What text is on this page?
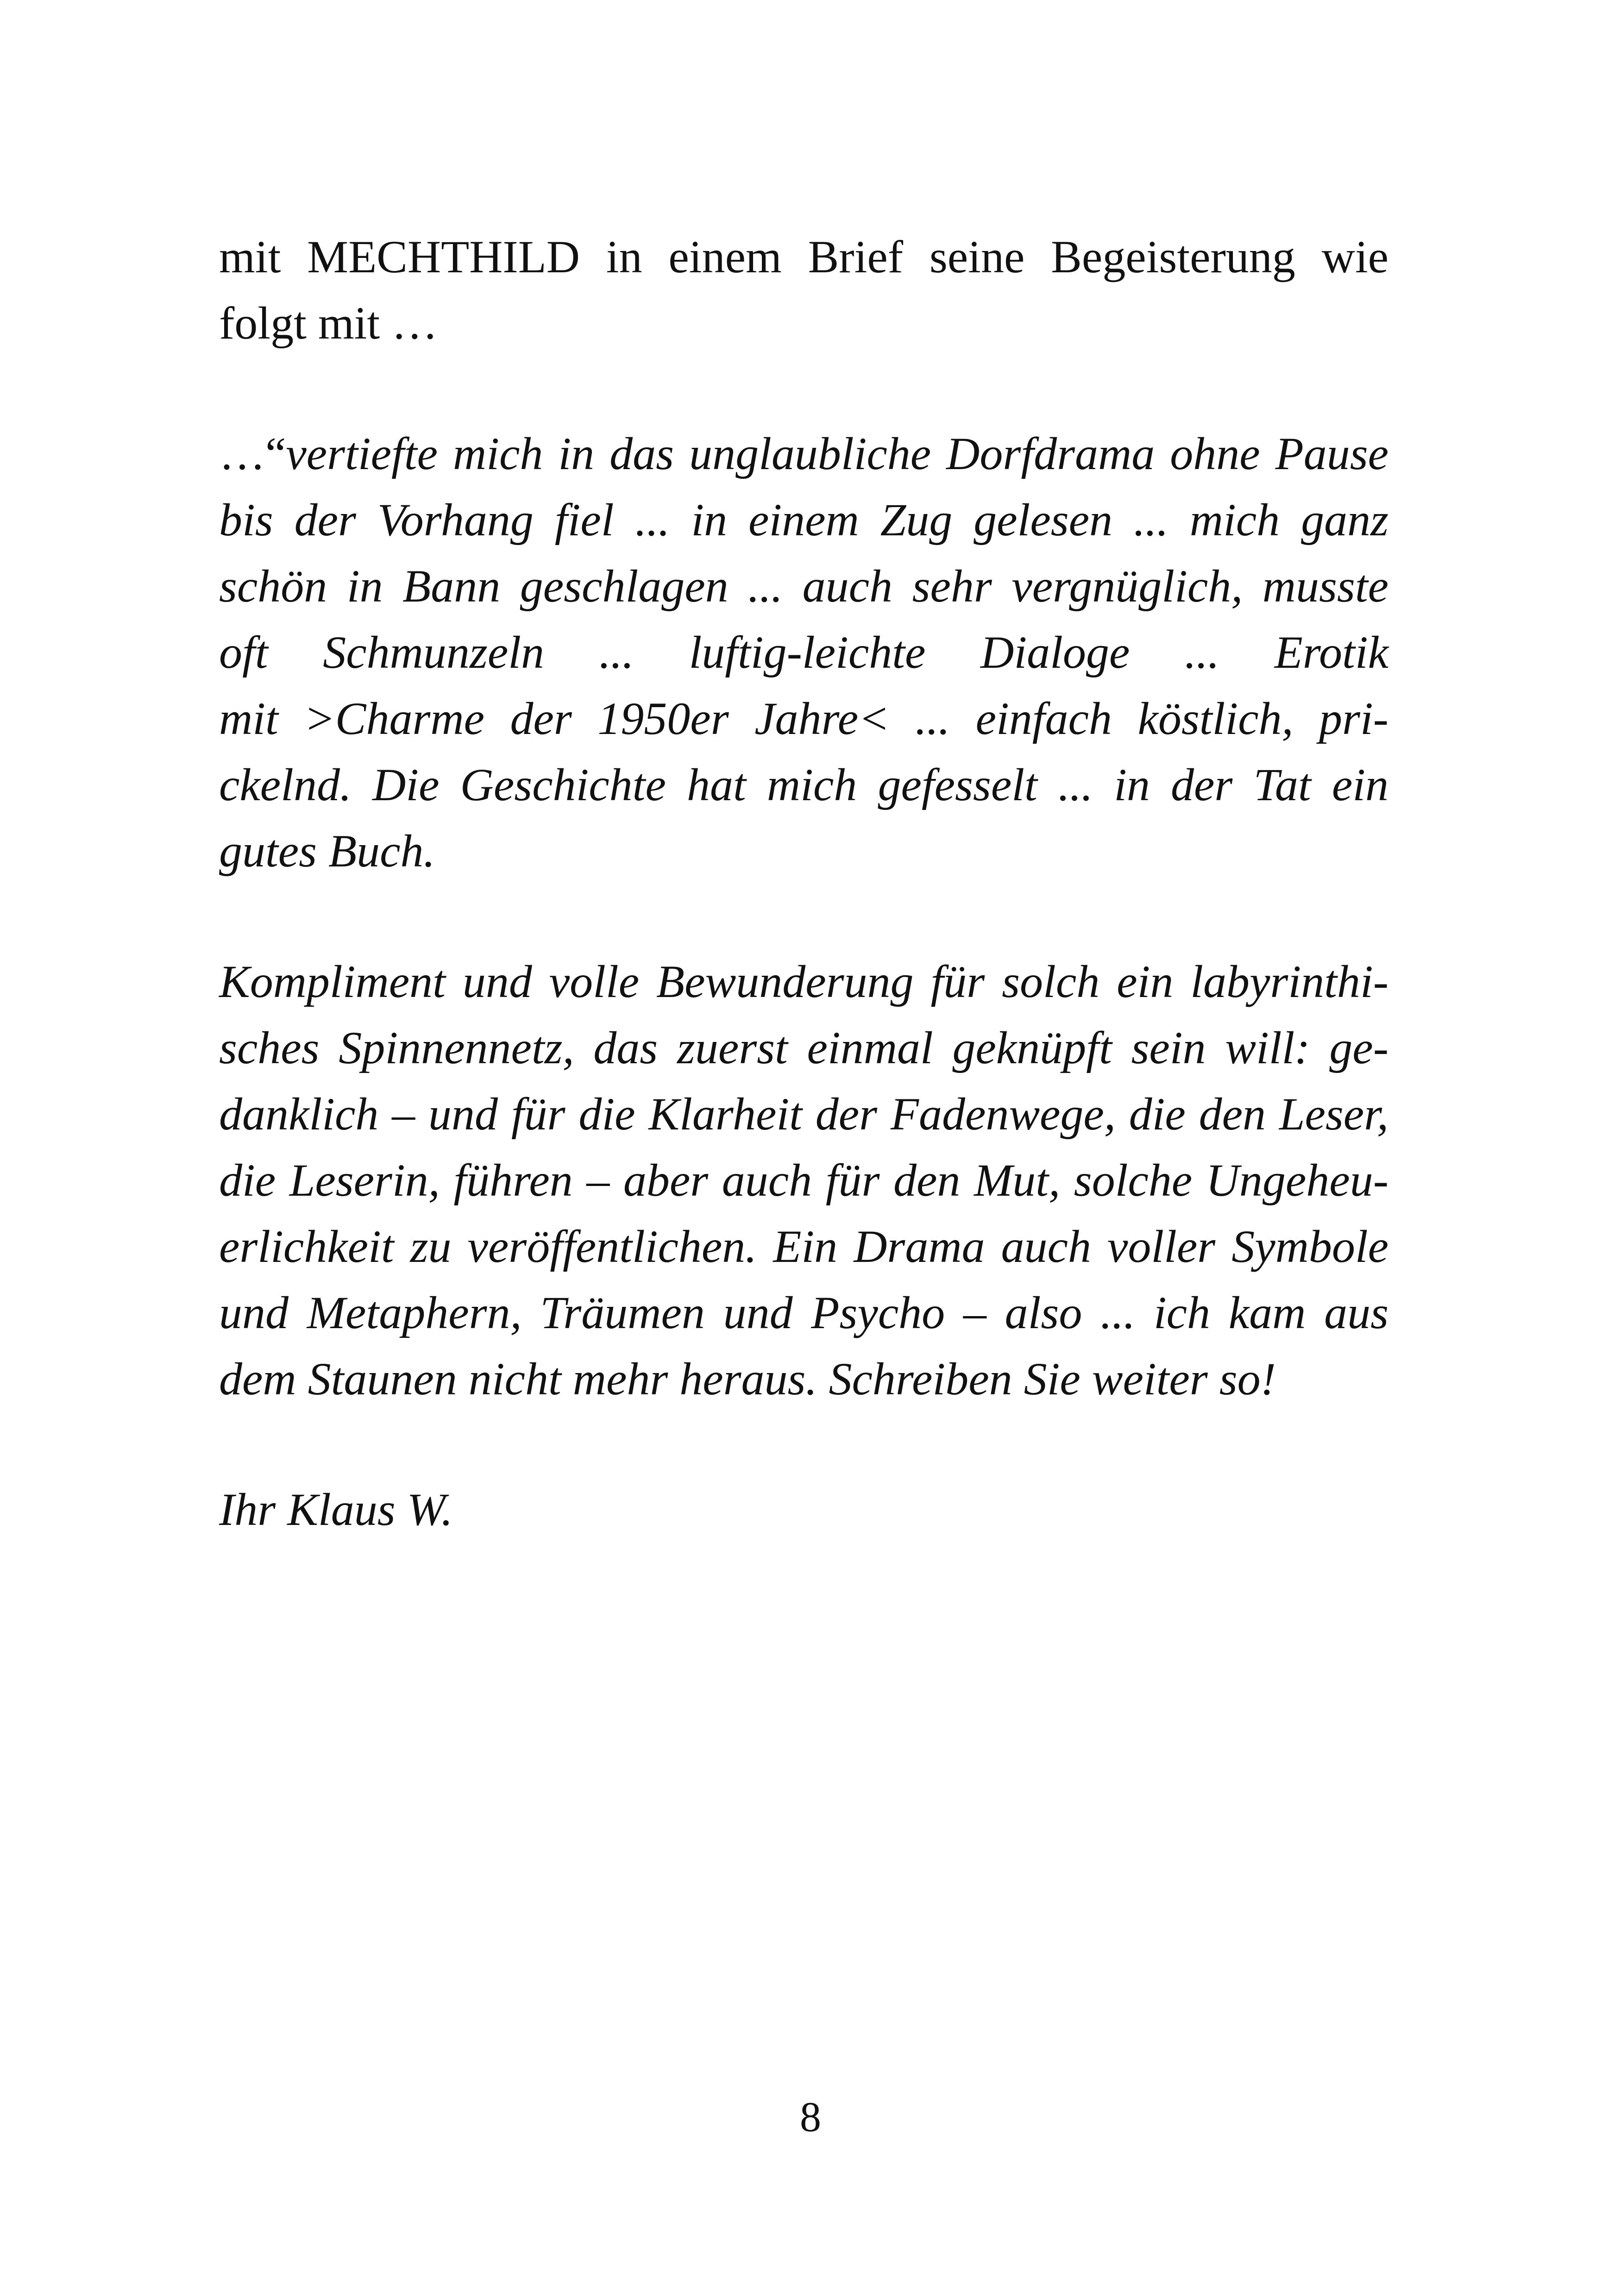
mit MECHTHILD in einem Brief seine Begeisterung wie
folgt mit …
…“vertiefte mich in das unglaubliche Dorfdrama ohne Pause
bis der Vorhang fiel ... in einem Zug gelesen ... mich ganz
schön in Bann geschlagen ... auch sehr vergnüglich, musste
oft Schmunzeln ... luftig-leichte Dialoge ... Erotik
mit >Charme der 1950er Jahre< ... einfach köstlich, pri-
ckelnd. Die Geschichte hat mich gefesselt ... in der Tat ein
gutes Buch.
Kompliment und volle Bewunderung für solch ein labyrinthi-
sches Spinnennetz, das zuerst einmal geknüpft sein will: ge-
danklich – und für die Klarheit der Fadenwege, die den Leser,
die Leserin, führen – aber auch für den Mut, solche Ungeheu-
erlichkeit zu veröffentlichen. Ein Drama auch voller Symbole
und Metaphern, Träumen und Psycho – also ... ich kam aus
dem Staunen nicht mehr heraus. Schreiben Sie weiter so!
Ihr Klaus W.
8
